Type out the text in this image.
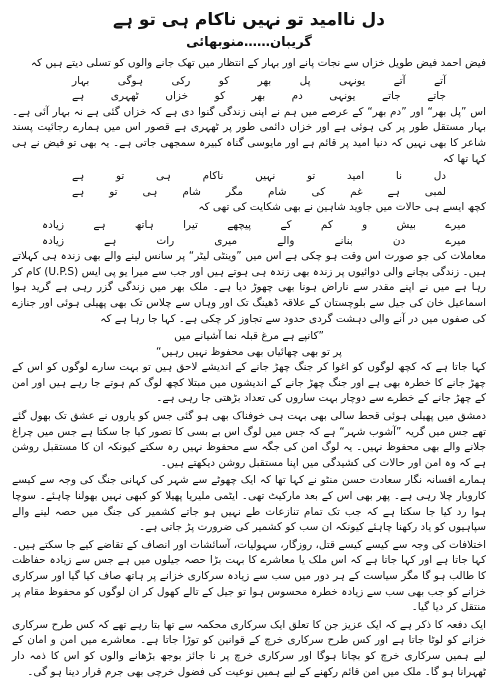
دل ناامید تو نہیں ناکام ہی تو ہے
گریبان……منوبھائی

فیض احمد فیض طویل خزاں سے نجات پانے اور بہار کے انتظار میں تھک جانے والوں کو تسلی دیتے ہیں کہ

آتے آتے یونہی پل بھر کو رکی ہوگی بہار

جاتے جاتے یونہی دم بھر کو خزاں ٹھہری ہے

اس ”پل بھر“ اور ”دم بھر“ کے عرصے میں ہم نے اپنی زندگی گنوا دی ہے کہ خزاں گئی ہے نہ بہار آئی ہے۔ بہار مستقل طور پر کی ہوئی ہے اور خزاں دائمی طور پر ٹھہری ہے قصور اس میں ہمارے رجائیت پسند شاعر کا بھی نہیں کہ دنیا امید پر قائم ہے اور مایوسی گناہ کبیرہ سمجھی جاتی ہے۔ یہ بھی تو فیض نے ہی کہا تھا کہ

دل نا امید تو نہیں ناکام ہی تو ہے

لمبی ہے غم کی شام مگر شام ہی تو ہے

کچھ ایسے ہی حالات میں جاوید شاہین نے بھی شکایت کی تھی کہ

میرے بیش و کم کے پیچھے تیرا ہاتھ ہے زیادہ

میرے دن بنانے والے میری رات ہے زیادہ

معاملات کی جو صورت اس وقت ہو چکی ہے اس میں ”وینٹی لیٹر“ پر سانس لینے والے بھی زندہ ہی کہلاتے ہیں۔ زندگی بچانے والی دوائیوں پر زندہ بھی زندہ ہی ہوتے ہیں اور جب سے میرا یو پی ایس (U.P.S) کام کر رہا ہے میں نے اپنے مقدر سے ناراض ہونا بھی چھوڑ دیا ہے۔ ملک بھر میں زندگی گزر رہی ہے گرید ہوا اسماعیل خان کی جیل سے بلوچستان کے علاقہ ڈھینگ تک اور وہاں سے چلاس تک بھی پھیلی ہوئی اور جنازے کی صفوں میں در آنے والی دہشت گردی حدود سے تجاوز کر چکی ہے۔ کہا جا رہا ہے کہ

”کانپے ہے مرغ قبلہ نما آشیانے میں

پر تو بھی چھائیاں بھی محفوظ نہیں رہیں“

کہا جاتا ہے کہ کچھ لوگوں کو اغوا کر جنگ چھڑ جانے کے اندیشے لاحق ہیں تو بہت سارے لوگوں کو اس کے چھڑ جانے کا خطرہ بھی ہے اور جنگ چھڑ جانے کے اندیشوں میں مبتلا کچھ لوگ کم ہوتے جا رہے ہیں اور امن کے چھڑ جانے کے خطرے سے دوچار بہت ساروں کی تعداد بڑھتی جا رہی ہے۔

دمشق میں پھیلی ہوئی قحط سالی بھی بہت ہی خوفناک بھی ہو گئی جس کو یاروں نے عشق تک بھول گئے تھے جس میں گریہ ”آشوب شہر“ ہے کہ جس میں لوگ اس بے بسی کا تصور کیا جا سکتا ہے جس میں چراغ جلانے والے بھی محفوظ نہیں۔ یہ لوگ امن کی جگہ سے محفوظ نہیں رہ سکتے کیونکہ ان کا مستقبل روشن ہے کہ وہ امن اور حالات کی کشیدگی میں اپنا مستقبل روشن دیکھتے ہیں۔

ہمارے افسانہ نگار سعادت حسن منٹو نے کہا تھا کہ ایک چھوٹے سے شہر کی کہانی جنگ کی وجہ سے کیسے کاروبار چلا رہی ہے۔ پھر بھی اس کے بعد مارکیٹ تھی۔ ایٹمی ملیریا پھیلا کو کبھی نہیں بھولنا چاہئے۔ سوچا ہوا رد کیا جا سکتا ہے کہ جب تک تمام تنازعات طے نہیں ہو جاتے کشمیر کی جنگ میں حصہ لینے والے سپاہیوں کو یاد رکھنا چاہئے کیونکہ ان سب کو کشمیر کی ضرورت پڑ جاتی ہے۔

اختلافات کی وجہ سے کیسے کیسے قتل، روزگار، سہولیات، آسائشات اور انصاف کے تقاضے کیے جا سکتے ہیں۔ کہا جاتا ہے اور کہا جاتا ہے کہ اس ملک یا معاشرے کا بہت بڑا حصہ جیلوں میں ہے جس سے زیادہ حفاظت کا طالب ہو گا مگر سیاست کے ہر دور میں سب سے زیادہ سرکاری خزانے پر ہاتھ صاف کیا گیا اور سرکاری خزانے کو جب بھی سب سے زیادہ خطرہ محسوس ہوا تو جیل کے تالے کھول کر ان لوگوں کو محفوظ مقام پر منتقل کر دیا گیا۔

ایک دفعہ کا ذکر ہے کہ ایک عزیز جن کا تعلق ایک سرکاری محکمہ سے تھا بتا رہے تھے کہ کس طرح سرکاری خزانے کو لوٹا جاتا ہے اور کس طرح سرکاری خرچ کے قوانین کو توڑا جاتا ہے۔ معاشرے میں امن و امان کے لیے ہمیں سرکاری خرچ کو بچانا ہوگا اور سرکاری خرچ پر نا جائز بوجھ بڑھانے والوں کو اس کا ذمہ دار ٹھہرانا ہو گا۔ ملک میں امن قائم رکھنے کے لیے ہمیں نوعیت کی فضول خرچی بھی جرم قرار دینا ہو گی۔
